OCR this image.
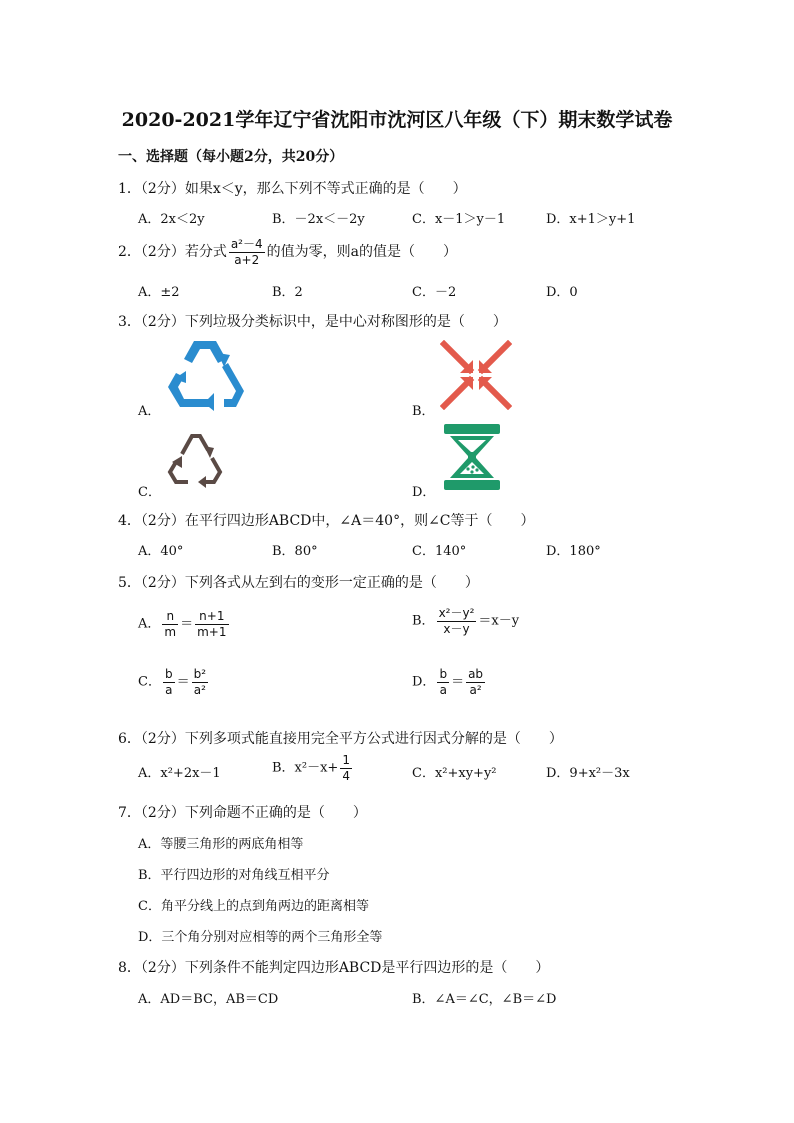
2020-2021学年辽宁省沈阳市沈河区八年级（下）期末数学试卷
一、选择题（每小题2分，共20分）
1．（2分）如果x＜y，那么下列不等式正确的是（　　）
A．2x＜2y	B．－2x＜－2y	C．x－1＞y－1	D．x+1＞y+1
2．（2分）若分式 $\frac{\text{a²－4}}{a+2}$ 的值为零，则a的值是（　　）
A．±2	B．2	C．－2	D．0
3．（2分）下列垃圾分类标识中，是中心对称图形的是（　　）
A．	B．
C．	D．
4．（2分）在平行四边形ABCD中，∠A＝40°，则∠C等于（　　）
A．40°	B．80°	C．140°	D．180°
5．（2分）下列各式从左到右的变形一定正确的是（　　）
A． $\frac{n}{m} = \frac{n+1}{m+1}$	B． $\frac{\text{x²－y²}}{x-y} =x-y$
C． $\frac{b}{a} = \frac{\text{b²}}{\text{a²}}$	D． $\frac{b}{a} = \frac{ab}{\text{a²}}$
6．（2分）下列多项式能直接用完全平方公式进行因式分解的是（　　）
A．x²+2x－1	B．$x^2-x+ \frac{1}{4}$	C．x²+xy+y²	D．9+x²－3x
7．（2分）下列命题不正确的是（　　）
A．等腰三角形的两底角相等
B．平行四边形的对角线互相平分
C．角平分线上的点到角两边的距离相等
D．三个角分别对应相等的两个三角形全等
8．（2分）下列条件不能判定四边形ABCD是平行四边形的是（　　）
A．AD＝BC，AB＝CD	B．∠A＝∠C，∠B＝∠D
